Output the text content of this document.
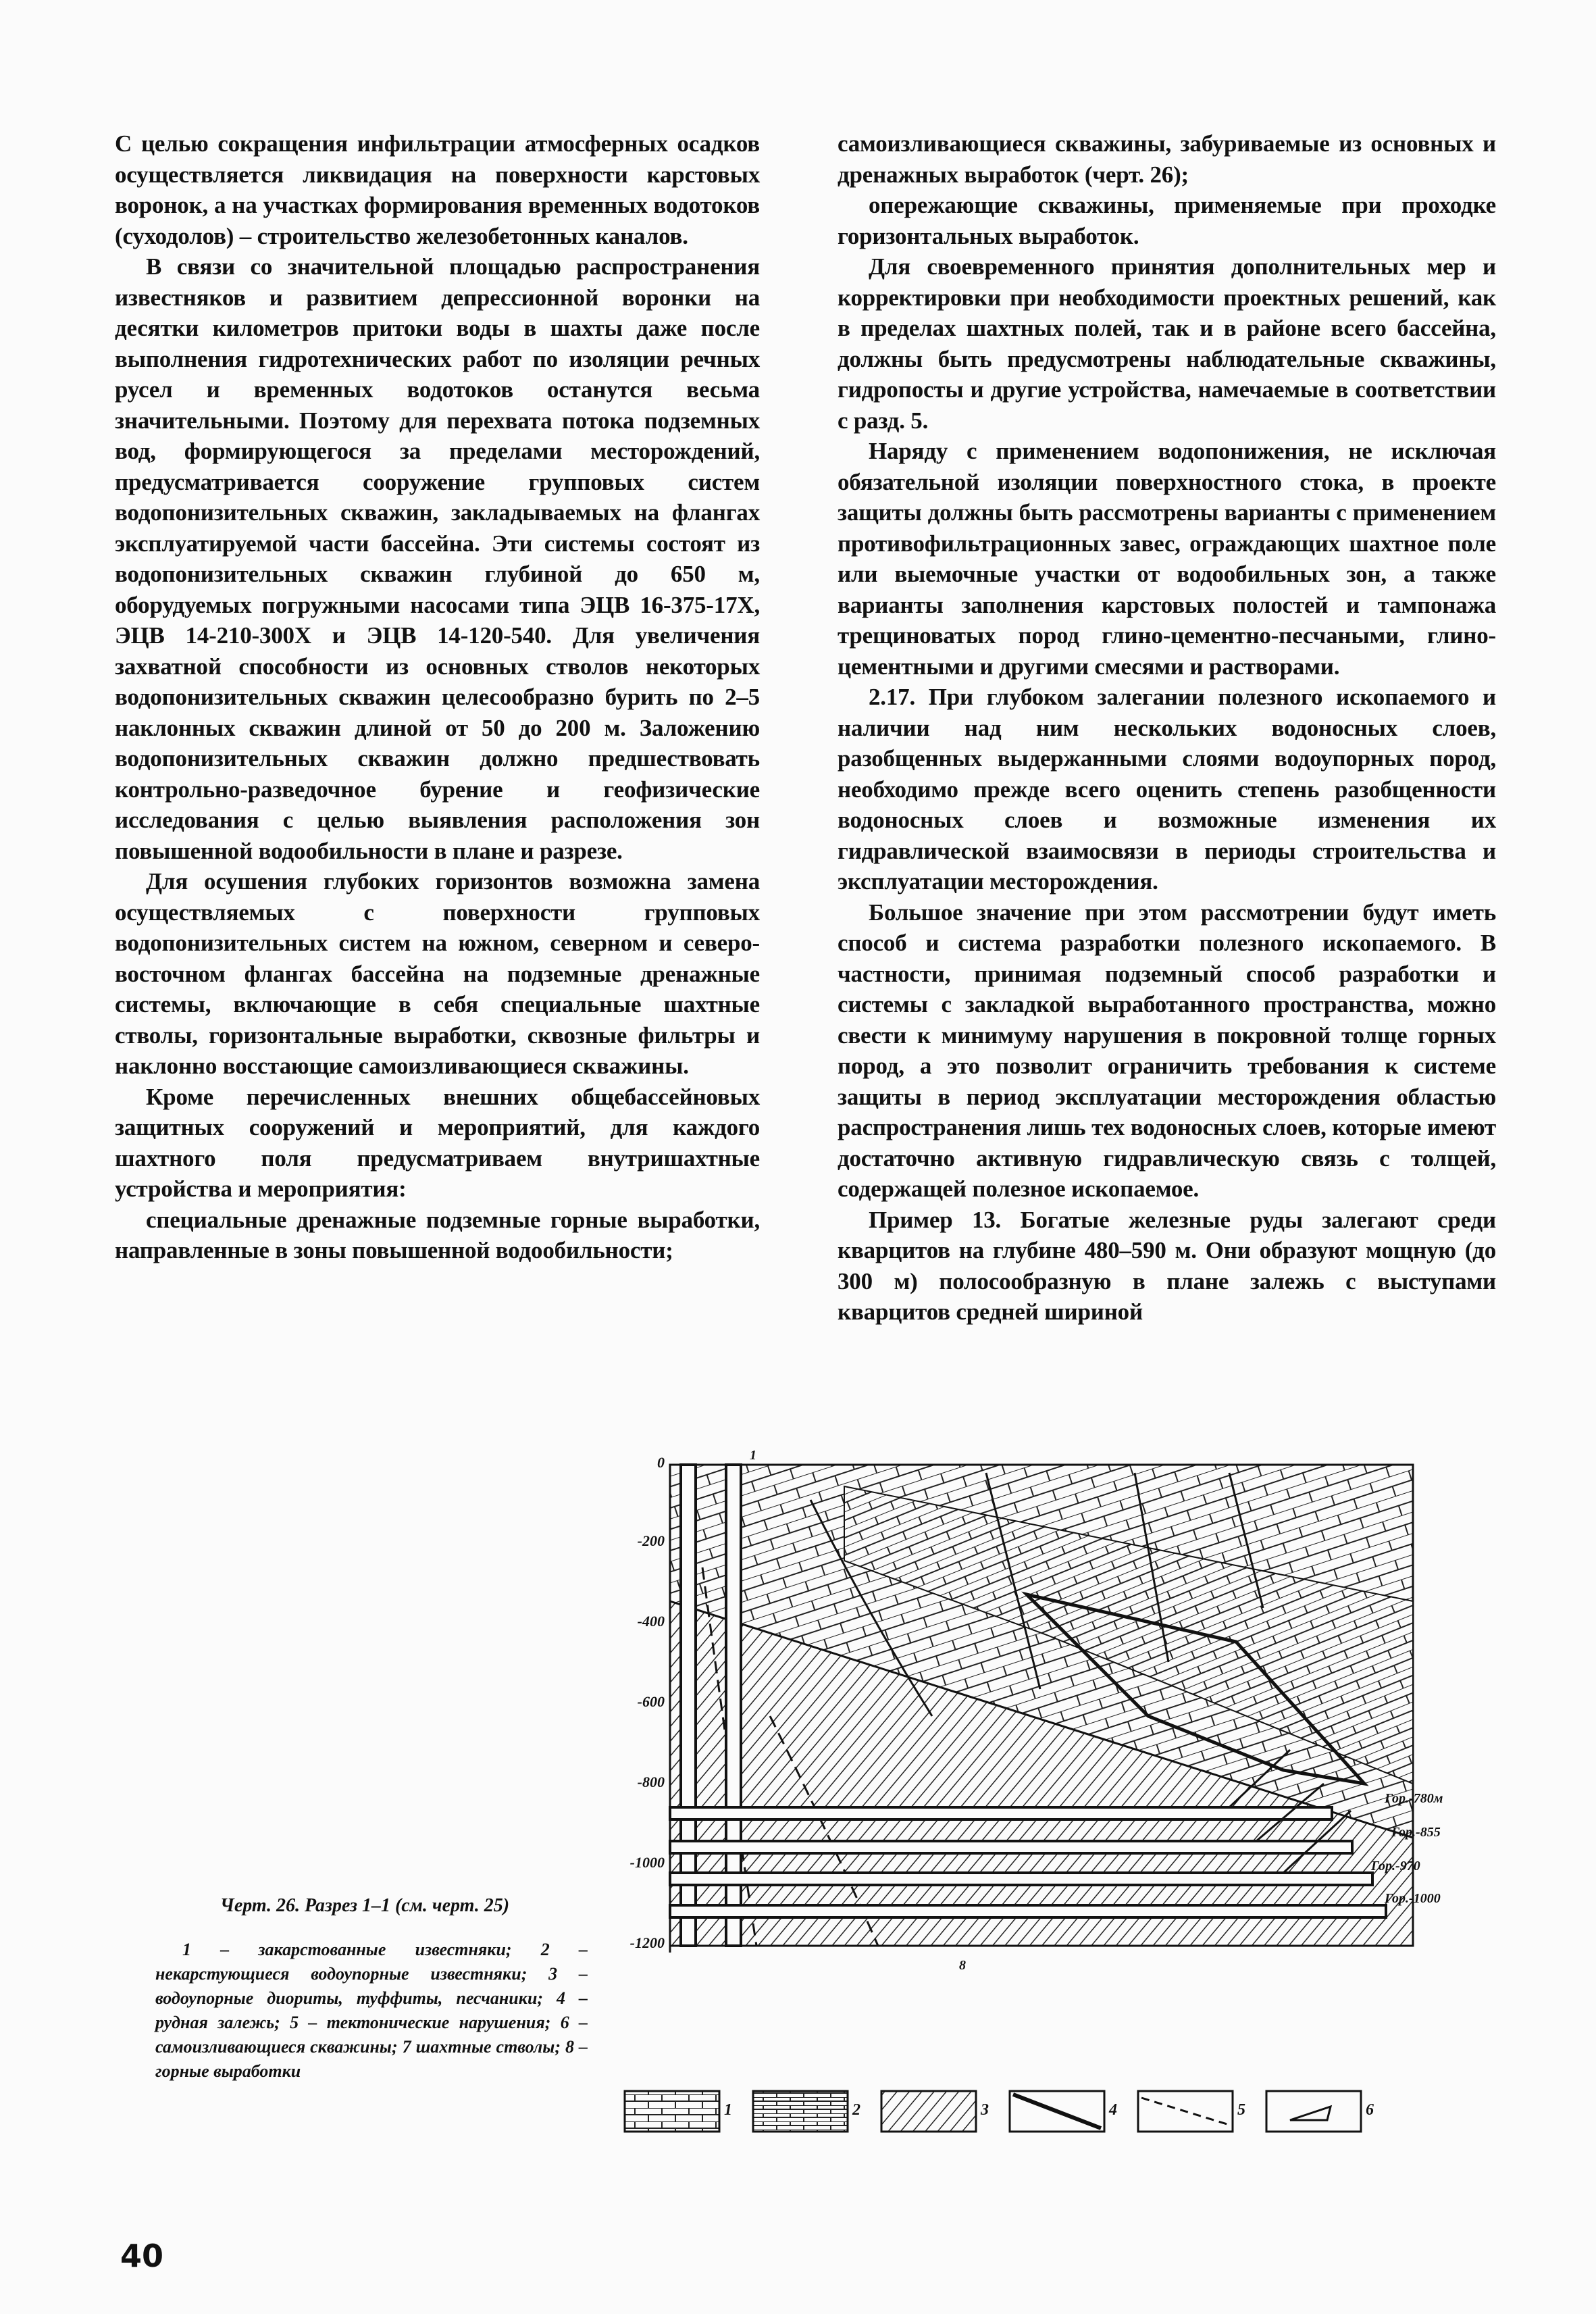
С целью сокращения инфильтрации атмосферных осадков осуществляется ликвидация на поверхности карстовых воронок, а на участках формирования временных водотоков (суходолов) – строительство железобетонных каналов.

В связи со значительной площадью распространения известняков и развитием депрессионной воронки на десятки километров притоки воды в шахты даже после выполнения гидротехнических работ по изоляции речных русел и временных водотоков останутся весьма значительными. Поэтому для перехвата потока подземных вод, формирующегося за пределами месторождений, предусматривается сооружение групповых систем водопонизительных скважин, закладываемых на флангах эксплуатируемой части бассейна. Эти системы состоят из водопонизительных скважин глубиной до 650 м, оборудуемых погружными насосами типа ЭЦВ 16-375-17Х, ЭЦВ 14-210-300Х и ЭЦВ 14-120-540. Для увеличения захватной способности из основных стволов некоторых водопонизительных скважин целесообразно бурить по 2–5 наклонных скважин длиной от 50 до 200 м. Заложению водопонизительных скважин должно предшествовать контрольно-разведочное бурение и геофизические исследования с целью выявления расположения зон повышенной водообильности в плане и разрезе.

Для осушения глубоких горизонтов возможна замена осуществляемых с поверхности групповых водопонизительных систем на южном, северном и северо-восточном флангах бассейна на подземные дренажные системы, включающие в себя специальные шахтные стволы, горизонтальные выработки, сквозные фильтры и наклонно восстающие самоизливающиеся скважины.

Кроме перечисленных внешних общебассейновых защитных сооружений и мероприятий, для каждого шахтного поля предусматриваем внутришахтные устройства и мероприятия:

специальные дренажные подземные горные выработки, направленные в зоны повышенной водообильности;

самоизливающиеся скважины, забуриваемые из основных и дренажных выработок (черт. 26);

опережающие скважины, применяемые при проходке горизонтальных выработок.

Для своевременного принятия дополнительных мер и корректировки при необходимости проектных решений, как в пределах шахтных полей, так и в районе всего бассейна, должны быть предусмотрены наблюдательные скважины, гидропосты и другие устройства, намечаемые в соответствии с разд. 5.

Наряду с применением водопонижения, не исключая обязательной изоляции поверхностного стока, в проекте защиты должны быть рассмотрены варианты с применением противофильтрационных завес, ограждающих шахтное поле или выемочные участки от водообильных зон, а также варианты заполнения карстовых полостей и тампонажа трещиноватых пород глино-цементно-песчаными, глино-цементными и другими смесями и растворами.

2.17. При глубоком залегании полезного ископаемого и наличии над ним нескольких водоносных слоев, разобщенных выдержанными слоями водоупорных пород, необходимо прежде всего оценить степень разобщенности водоносных слоев и возможные изменения их гидравлической взаимосвязи в периоды строительства и эксплуатации месторождения.

Большое значение при этом рассмотрении будут иметь способ и система разработки полезного ископаемого. В частности, принимая подземный способ разработки и системы с закладкой выработанного пространства, можно свести к минимуму нарушения в покровной толще горных пород, а это позволит ограничить требования к системе защиты в период эксплуатации месторождения областью распространения лишь тех водоносных слоев, которые имеют достаточно активную гидравлическую связь с толщей, содержащей полезное ископаемое.

Пример 13. Богатые железные руды залегают среди кварцитов на глубине 480–590 м. Они образуют мощную (до 300 м) полосообразную в плане залежь с выступами кварцитов средней шириной

0
-200
-400
-600
-800
-1000
-1200
Гор.-780м
Гор.-855
Гор.-970
Гор.-1000
1
8
Черт. 26. Разрез 1–1 (см. черт. 25)
1 – закарстованные известняки; 2 – некарстующиеся водоупорные известняки; 3 – водоупорные диориты, туффиты, песчаники; 4 – рудная залежь; 5 – тектонические нарушения; 6 – самоизливающиеся скважины; 7 шахтные стволы; 8 – горные выработки
1	2	3	4	5	6
40
